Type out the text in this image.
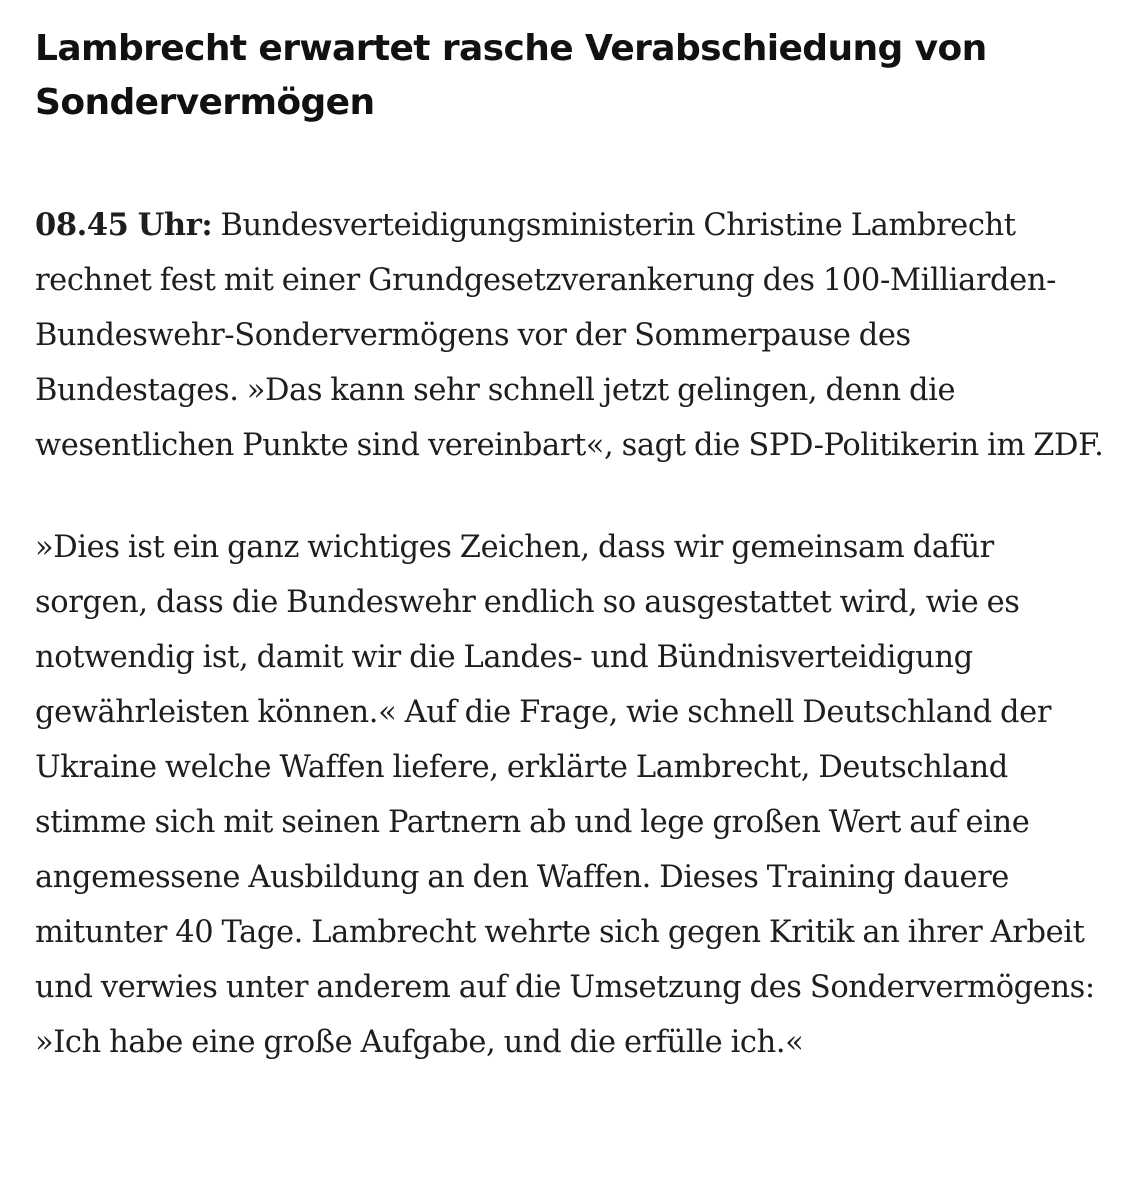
Lambrecht erwartet rasche Verabschiedung von Sondervermögen

08.45 Uhr: Bundesverteidigungsministerin Christine Lambrecht rechnet fest mit einer Grundgesetzverankerung des 100-Milliarden-Bundeswehr-Sondervermögens vor der Sommerpause des Bundestages. »Das kann sehr schnell jetzt gelingen, denn die wesentlichen Punkte sind vereinbart«, sagt die SPD-Politikerin im ZDF.

»Dies ist ein ganz wichtiges Zeichen, dass wir gemeinsam dafür sorgen, dass die Bundeswehr endlich so ausgestattet wird, wie es notwendig ist, damit wir die Landes- und Bündnisverteidigung gewährleisten können.« Auf die Frage, wie schnell Deutschland der Ukraine welche Waffen liefere, erklärte Lambrecht, Deutschland stimme sich mit seinen Partnern ab und lege großen Wert auf eine angemessene Ausbildung an den Waffen. Dieses Training dauere mitunter 40 Tage. Lambrecht wehrte sich gegen Kritik an ihrer Arbeit und verwies unter anderem auf die Umsetzung des Sondervermögens: »Ich habe eine große Aufgabe, und die erfülle ich.«
